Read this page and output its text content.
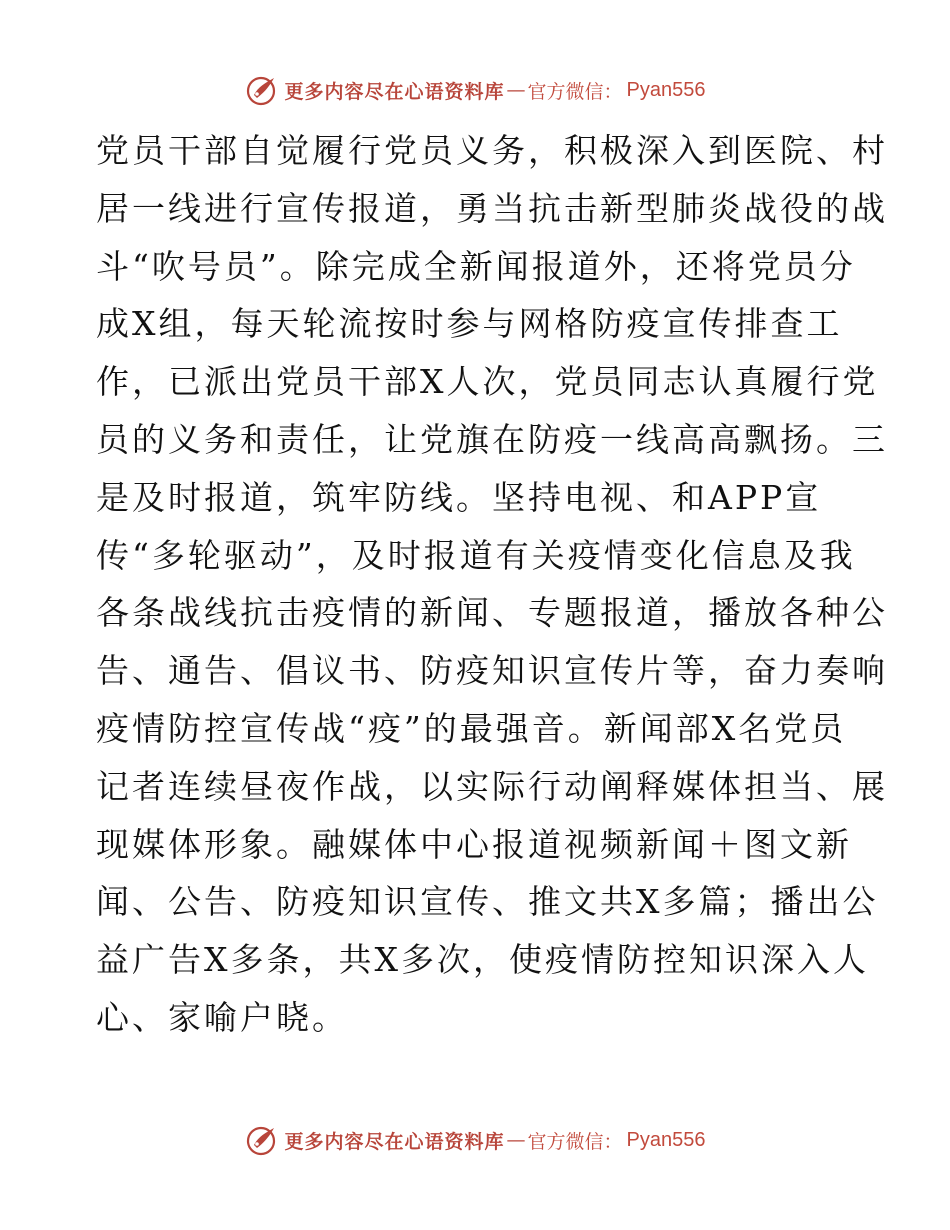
更多内容尽在心语资料库 — 官方微信： Pyan556
党员干部自觉履行党员义务，积极深入到医院、村
居一线进行宣传报道，勇当抗击新型肺炎战役的战
斗“吹号员”。除完成全新闻报道外，还将党员分
成X组，每天轮流按时参与网格防疫宣传排查工
作，已派出党员干部X人次，党员同志认真履行党
员的义务和责任，让党旗在防疫一线高高飘扬。三
是及时报道，筑牢防线。坚持电视、和APP宣
传“多轮驱动”，及时报道有关疫情变化信息及我
各条战线抗击疫情的新闻、专题报道，播放各种公
告、通告、倡议书、防疫知识宣传片等，奋力奏响
疫情防控宣传战“疫”的最强音。新闻部X名党员
记者连续昼夜作战，以实际行动阐释媒体担当、展
现媒体形象。融媒体中心报道视频新闻＋图文新
闻、公告、防疫知识宣传、推文共X多篇；播出公
益广告X多条，共X多次，使疫情防控知识深入人
心、家喻户晓。
更多内容尽在心语资料库 — 官方微信： Pyan556
